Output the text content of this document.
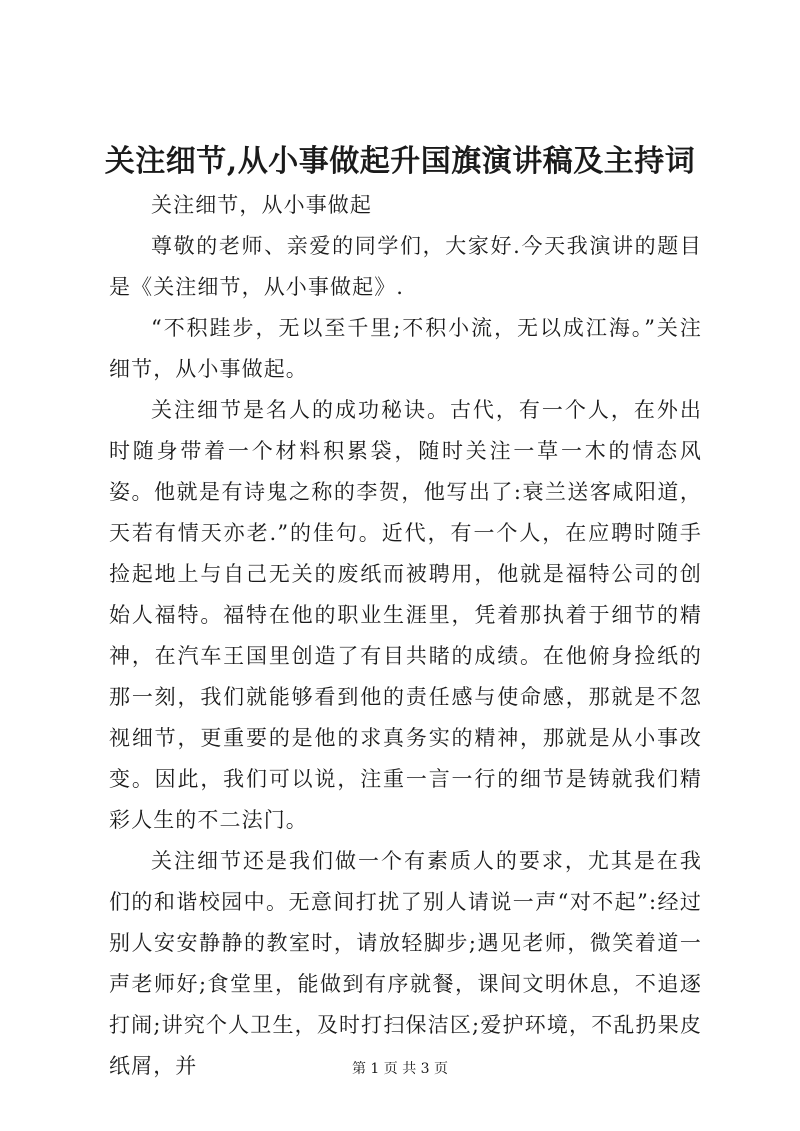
关注细节,从小事做起升国旗演讲稿及主持词

关注细节，从小事做起

尊敬的老师、亲爱的同学们，大家好.今天我演讲的题目是《关注细节，从小事做起》.

“不积跬步，无以至千里;不积小流，无以成江海。”关注细节，从小事做起。

关注细节是名人的成功秘诀。古代，有一个人，在外出时随身带着一个材料积累袋，随时关注一草一木的情态风姿。他就是有诗鬼之称的李贺，他写出了:衰兰送客咸阳道，天若有情天亦老.”的佳句。近代，有一个人，在应聘时随手捡起地上与自己无关的废纸而被聘用，他就是福特公司的创始人福特。福特在他的职业生涯里，凭着那执着于细节的精神，在汽车王国里创造了有目共睹的成绩。在他俯身捡纸的那一刻，我们就能够看到他的责任感与使命感，那就是不忽视细节，更重要的是他的求真务实的精神，那就是从小事改变。因此，我们可以说，注重一言一行的细节是铸就我们精彩人生的不二法门。

关注细节还是我们做一个有素质人的要求，尤其是在我们的和谐校园中。无意间打扰了别人请说一声“对不起”:经过别人安安静静的教室时，请放轻脚步;遇见老师，微笑着道一声老师好;食堂里，能做到有序就餐，课间文明休息，不追逐打闹;讲究个人卫生，及时打扫保洁区;爱护环境，不乱扔果皮纸屑，并	第 1 页 共 3 页
